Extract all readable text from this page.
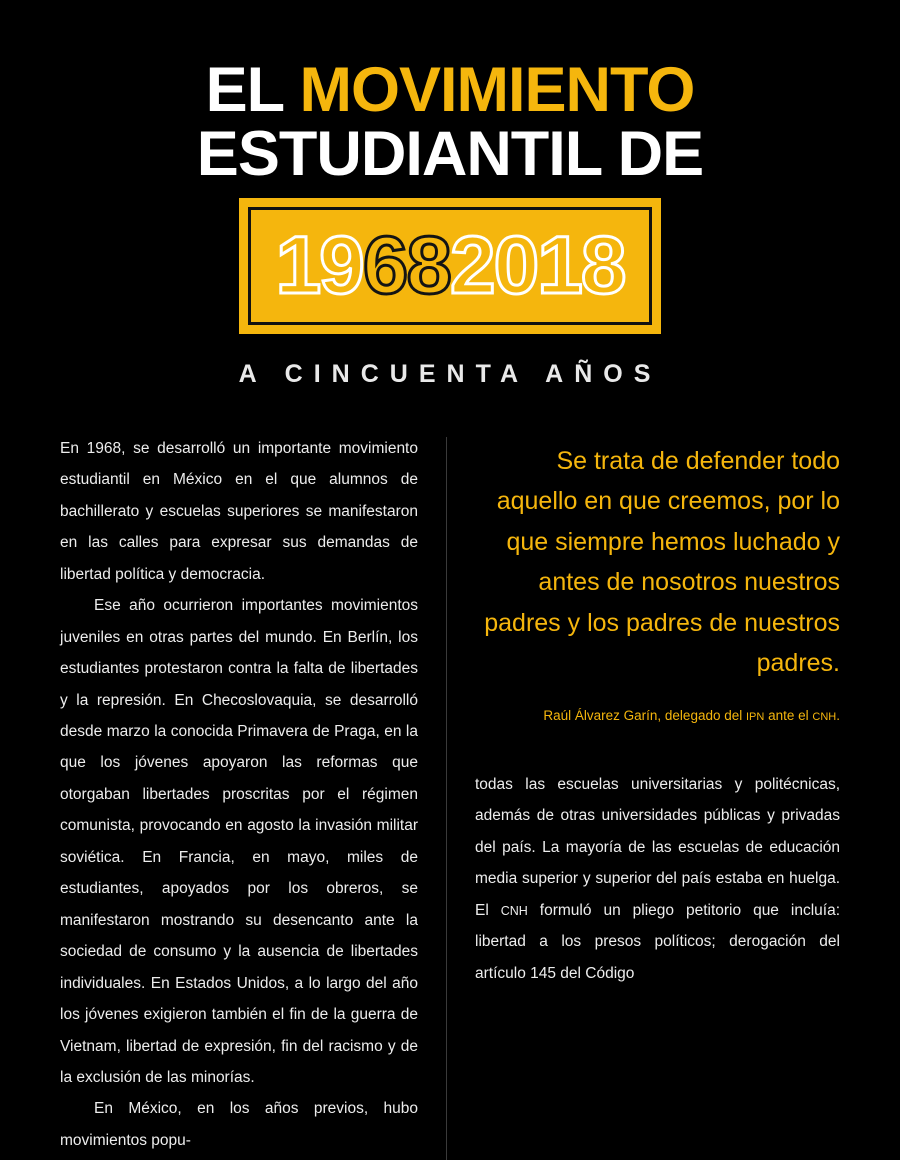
EL MOVIMIENTO
ESTUDIANTIL DE
19 68 2018
A CINCUENTA AÑOS

En 1968, se desarrolló un importante movimiento estudiantil en México en el que alumnos de bachillerato y escuelas superiores se manifestaron en las calles para expresar sus demandas de libertad política y democracia.

Ese año ocurrieron importantes movimientos juveniles en otras partes del mundo. En Berlín, los estudiantes protestaron contra la falta de libertades y la represión. En Checoslovaquia, se desarrolló desde marzo la conocida Primavera de Praga, en la que los jóvenes apoyaron las reformas que otorgaban libertades proscritas por el régimen comunista, provocando en agosto la invasión militar soviética. En Francia, en mayo, miles de estudiantes, apoyados por los obreros, se manifestaron mostrando su desencanto ante la sociedad de consumo y la ausencia de libertades individuales. En Estados Unidos, a lo largo del año los jóvenes exigieron también el fin de la guerra de Vietnam, libertad de expresión, fin del racismo y de la exclusión de las minorías.

En México, en los años previos, hubo movimientos popu-

Se trata de defender todo aquello en que creemos, por lo que siempre hemos luchado y antes de nosotros nuestros padres y los padres de nuestros padres.

Raúl Álvarez Garín, delegado del IPN ante el CNH.

todas las escuelas universitarias y politécnicas, además de otras universidades públicas y privadas del país. La mayoría de las escuelas de educación media superior y superior del país estaba en huelga. El CNH formuló un pliego petitorio que incluía: libertad a los presos políticos; derogación del artículo 145 del Código
